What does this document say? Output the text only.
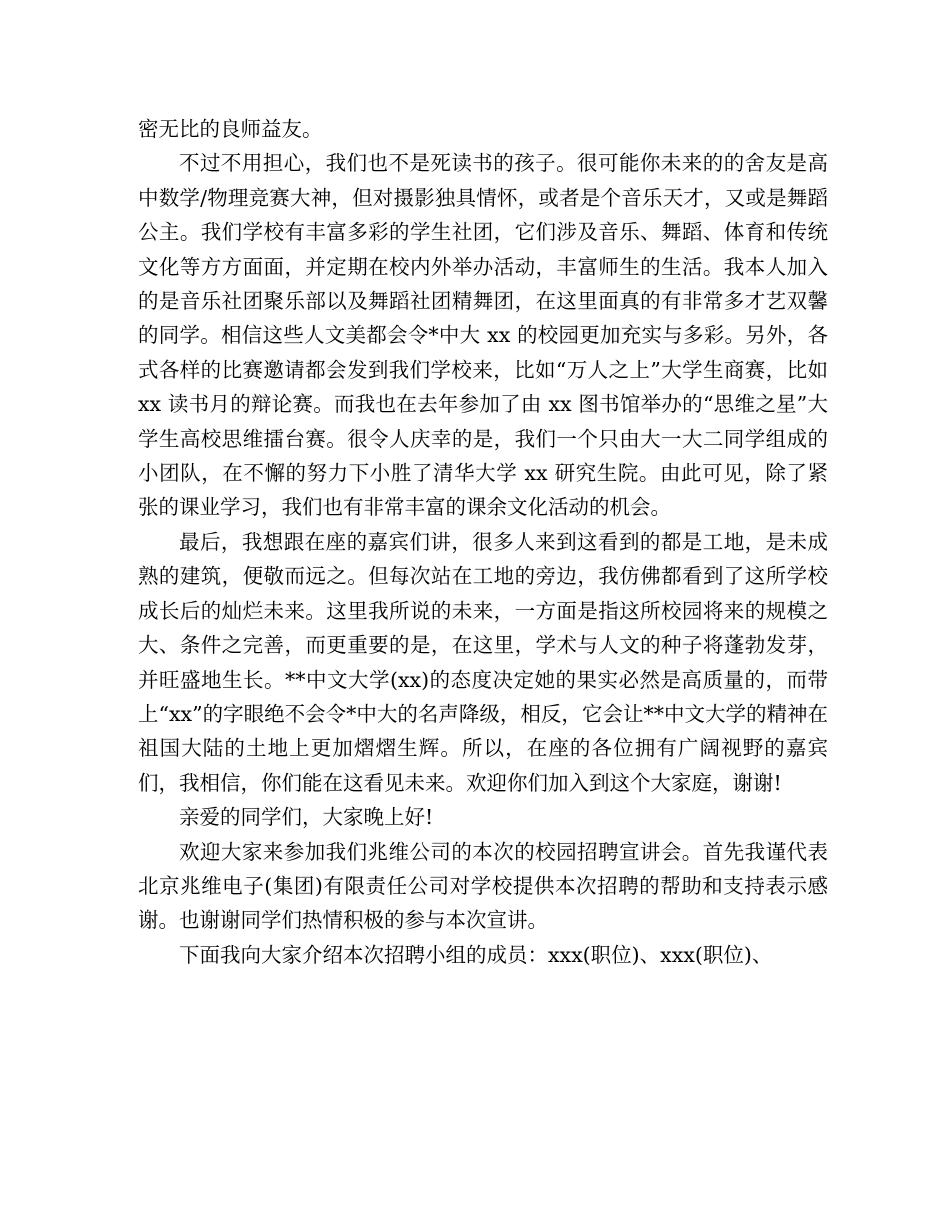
密无比的良师益友。

不过不用担心，我们也不是死读书的孩子。很可能你未来的的舍友是高中数学/物理竞赛大神，但对摄影独具情怀，或者是个音乐天才，又或是舞蹈公主。我们学校有丰富多彩的学生社团，它们涉及音乐、舞蹈、体育和传统文化等方方面面，并定期在校内外举办活动，丰富师生的生活。我本人加入的是音乐社团聚乐部以及舞蹈社团精舞团，在这里面真的有非常多才艺双馨的同学。相信这些人文美都会令*中大 xx 的校园更加充实与多彩。另外，各式各样的比赛邀请都会发到我们学校来，比如“万人之上”大学生商赛，比如 xx 读书月的辩论赛。而我也在去年参加了由 xx 图书馆举办的“思维之星”大学生高校思维擂台赛。很令人庆幸的是，我们一个只由大一大二同学组成的小团队，在不懈的努力下小胜了清华大学 xx 研究生院。由此可见，除了紧张的课业学习，我们也有非常丰富的课余文化活动的机会。

最后，我想跟在座的嘉宾们讲，很多人来到这看到的都是工地，是未成熟的建筑，便敬而远之。但每次站在工地的旁边，我仿佛都看到了这所学校成长后的灿烂未来。这里我所说的未来，一方面是指这所校园将来的规模之大、条件之完善，而更重要的是，在这里，学术与人文的种子将蓬勃发芽，并旺盛地生长。**中文大学(xx)的态度决定她的果实必然是高质量的，而带上“xx”的字眼绝不会令*中大的名声降级，相反，它会让**中文大学的精神在祖国大陆的土地上更加熠熠生辉。所以，在座的各位拥有广阔视野的嘉宾们，我相信，你们能在这看见未来。欢迎你们加入到这个大家庭，谢谢!

亲爱的同学们，大家晚上好!

欢迎大家来参加我们兆维公司的本次的校园招聘宣讲会。首先我谨代表北京兆维电子(集团)有限责任公司对学校提供本次招聘的帮助和支持表示感谢。也谢谢同学们热情积极的参与本次宣讲。

下面我向大家介绍本次招聘小组的成员：xxx(职位)、xxx(职位)、
